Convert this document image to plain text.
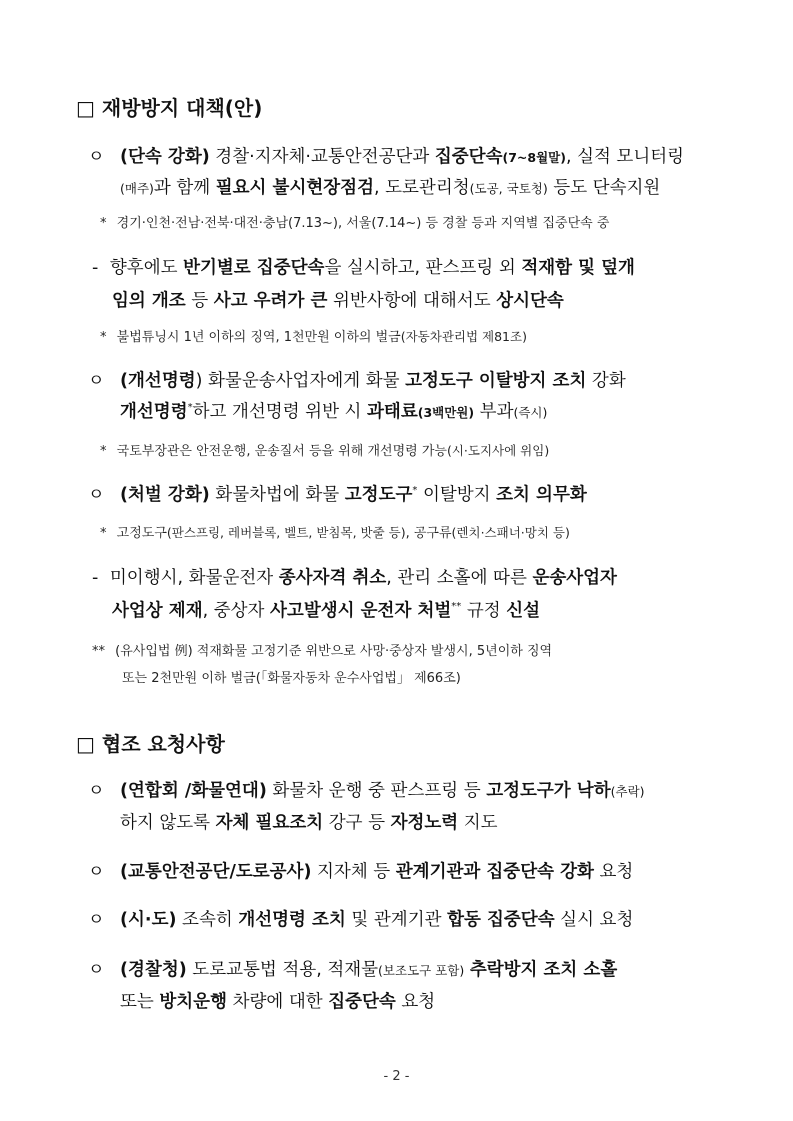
□ 재방방지 대책(안)
ㅇ (단속 강화) 경찰·지자체·교통안전공단과 집중단속(7~8월말), 실적 모니터링
(매주)과 함께 필요시 불시현장점검, 도로관리청(도공, 국토청) 등도 단속지원
* 경기·인천·전남·전북·대전·충남(7.13~), 서울(7.14~) 등 경찰 등과 지역별 집중단속 중
- 향후에도 반기별로 집중단속을 실시하고, 판스프링 외 적재함 및 덮개
임의 개조 등 사고 우려가 큰 위반사항에 대해서도 상시단속
* 불법튜닝시 1년 이하의 징역, 1천만원 이하의 벌금(자동차관리법 제81조)
ㅇ (개선명령) 화물운송사업자에게 화물 고정도구 이탈방지 조치 강화
개선명령*하고 개선명령 위반 시 과태료(3백만원) 부과(즉시)
* 국토부장관은 안전운행, 운송질서 등을 위해 개선명령 가능(시·도지사에 위임)
ㅇ (처벌 강화) 화물차법에 화물 고정도구* 이탈방지 조치 의무화
* 고정도구(판스프링, 레버블록, 벨트, 받침목, 밧줄 등), 공구류(렌치·스패너·망치 등)
- 미이행시, 화물운전자 종사자격 취소, 관리 소홀에 따른 운송사업자
사업상 제재, 중상자 사고발생시 운전자 처벌** 규정 신설
** (유사입법 例) 적재화물 고정기준 위반으로 사망·중상자 발생시, 5년이하 징역
또는 2천만원 이하 벌금(「화물자동차 운수사업법」 제66조)
□ 협조 요청사항
ㅇ (연합회 /화물연대) 화물차 운행 중 판스프링 등 고정도구가 낙하(추락)
하지 않도록 자체 필요조치 강구 등 자정노력 지도
ㅇ (교통안전공단/도로공사) 지자체 등 관계기관과 집중단속 강화 요청
ㅇ (시·도) 조속히 개선명령 조치 및 관계기관 합동 집중단속 실시 요청
ㅇ (경찰청) 도로교통법 적용, 적재물(보조도구 포함) 추락방지 조치 소홀
또는 방치운행 차량에 대한 집중단속 요청
- 2 -
